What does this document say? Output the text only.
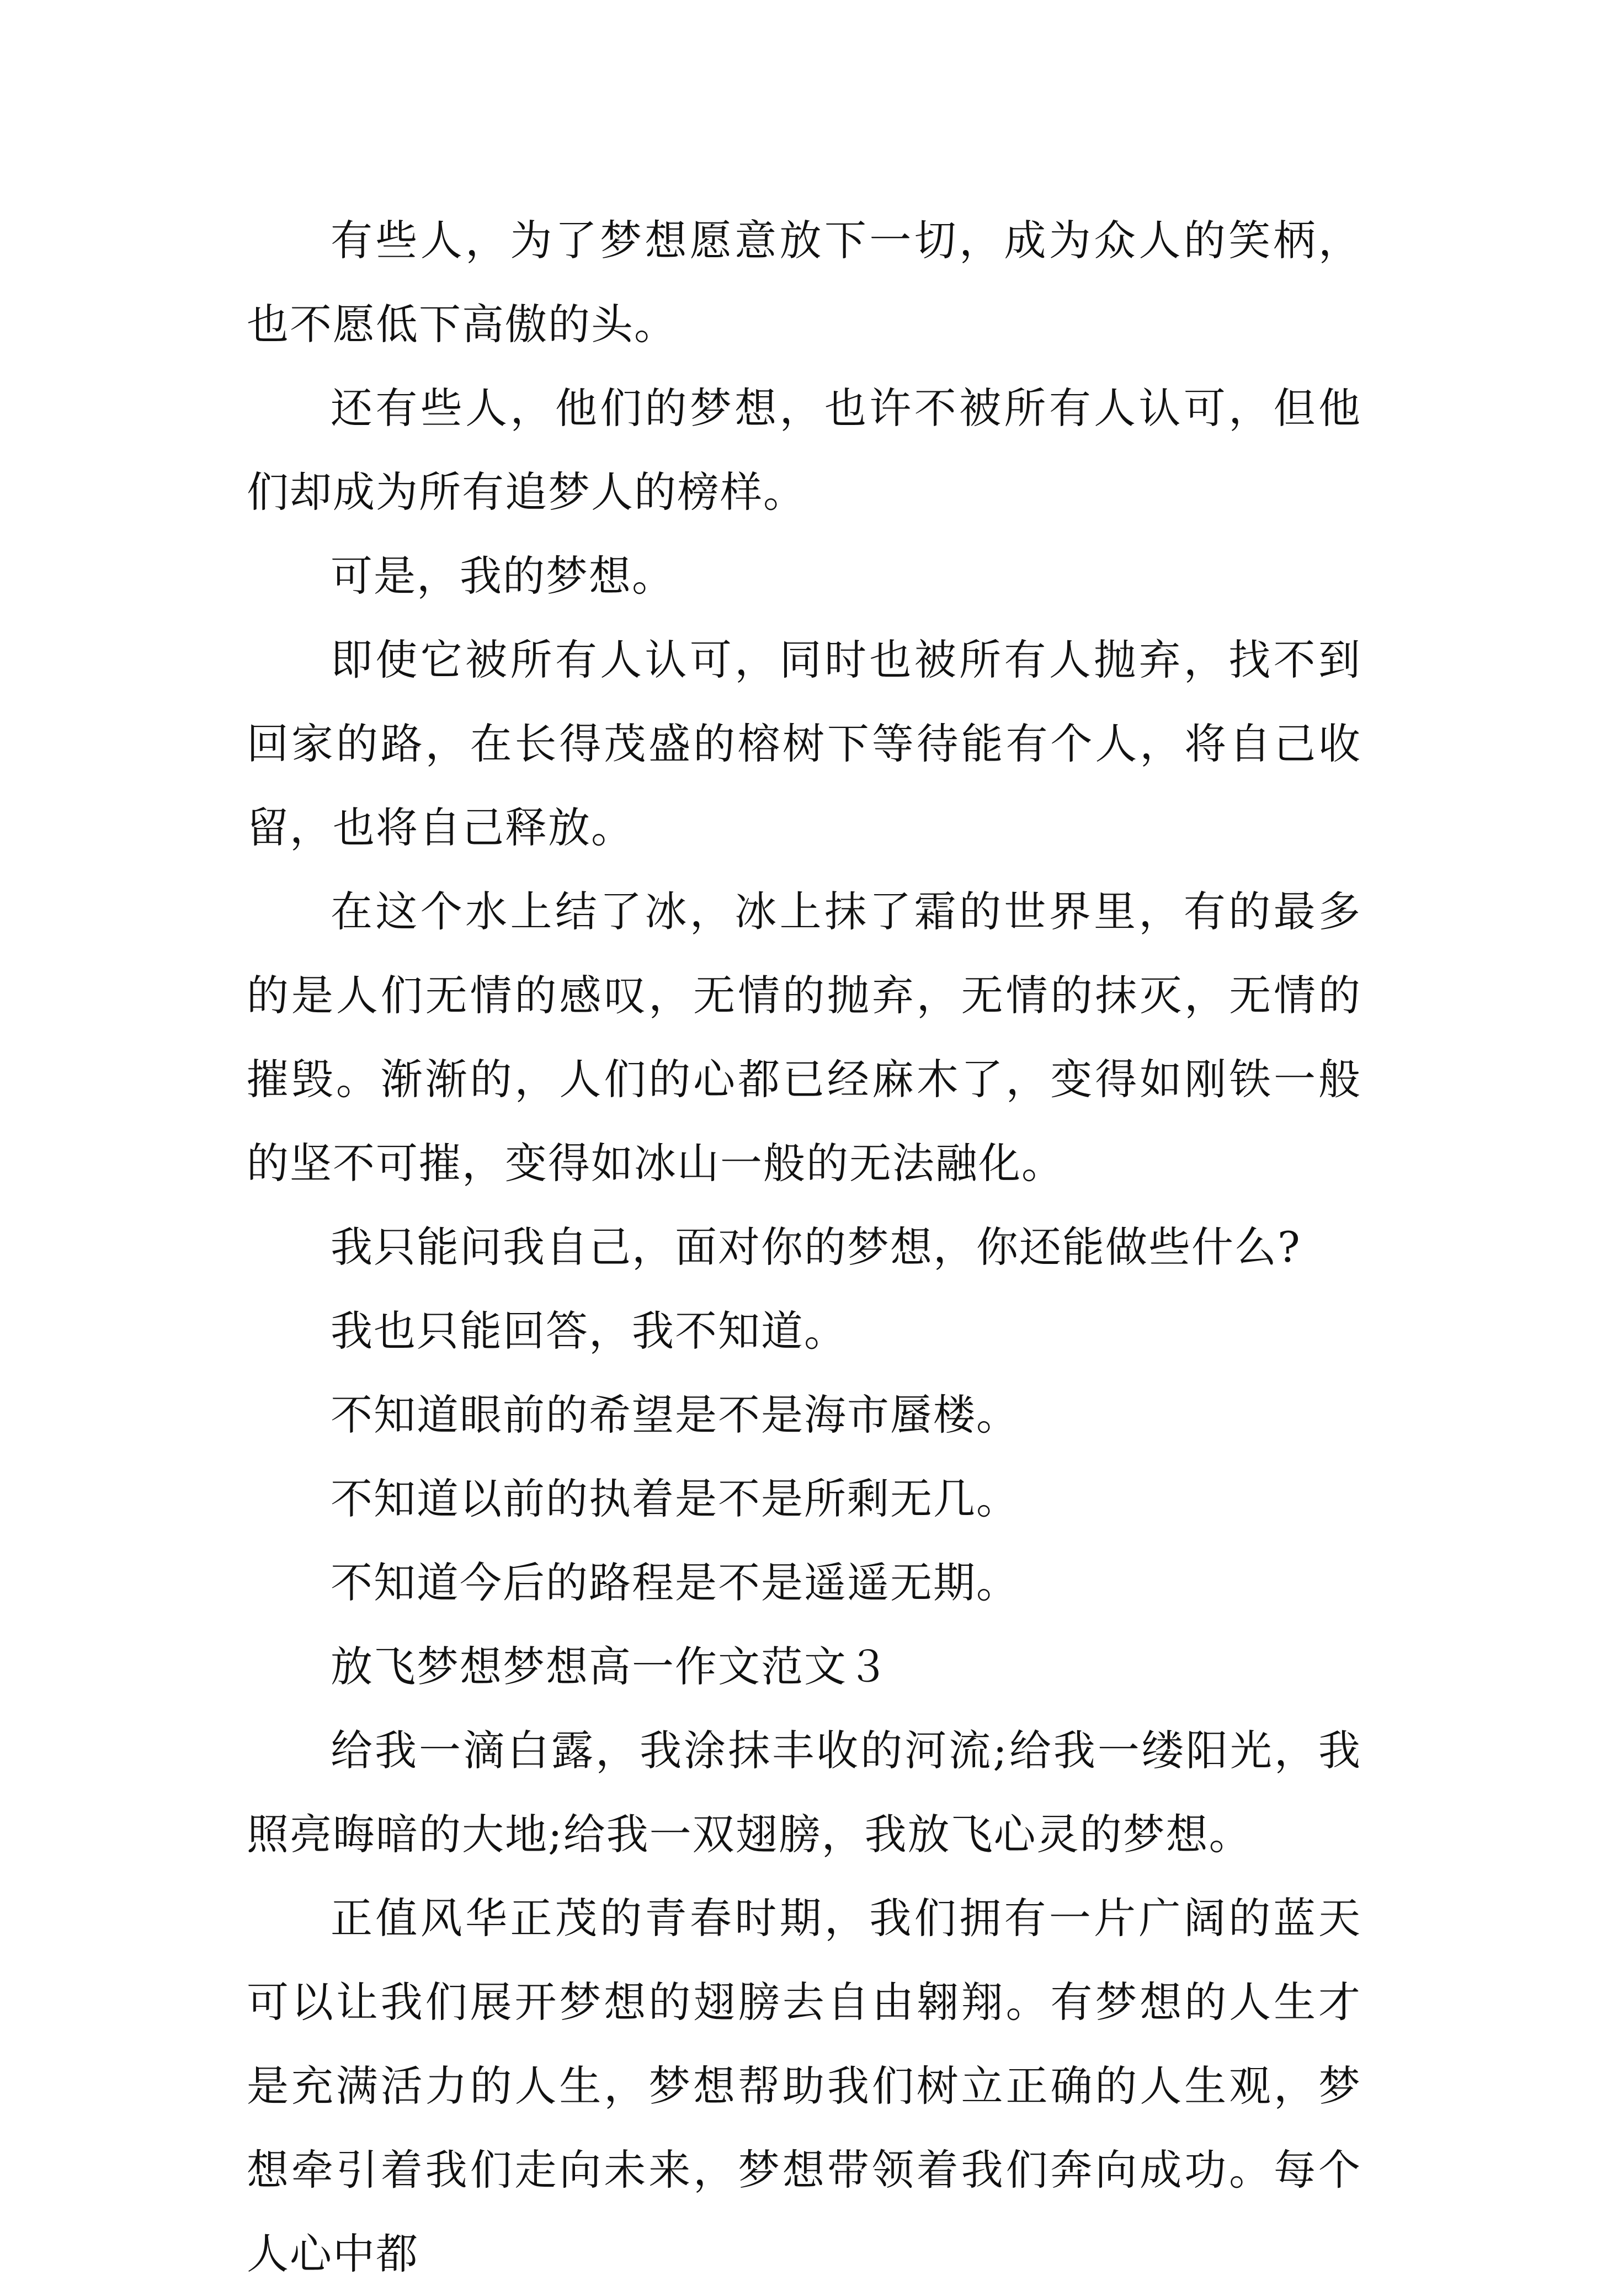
有些人，为了梦想愿意放下一切，成为众人的笑柄，也不愿低下高傲的头。

还有些人，他们的梦想，也许不被所有人认可，但他们却成为所有追梦人的榜样。

可是，我的梦想。

即使它被所有人认可，同时也被所有人抛弃，找不到回家的路，在长得茂盛的榕树下等待能有个人，将自己收留，也将自己释放。

在这个水上结了冰，冰上抹了霜的世界里，有的最多的是人们无情的感叹，无情的抛弃，无情的抹灭，无情的摧毁。渐渐的，人们的心都已经麻木了，变得如刚铁一般的坚不可摧，变得如冰山一般的无法融化。

我只能问我自己，面对你的梦想，你还能做些什么?

我也只能回答，我不知道。

不知道眼前的希望是不是海市蜃楼。

不知道以前的执着是不是所剩无几。

不知道今后的路程是不是遥遥无期。

放飞梦想梦想高一作文范文３

给我一滴白露，我涂抹丰收的河流;给我一缕阳光，我照亮晦暗的大地;给我一双翅膀，我放飞心灵的梦想。

正值风华正茂的青春时期，我们拥有一片广阔的蓝天可以让我们展开梦想的翅膀去自由翱翔。有梦想的人生才是充满活力的人生，梦想帮助我们树立正确的人生观，梦想牵引着我们走向未来，梦想带领着我们奔向成功。每个人心中都
